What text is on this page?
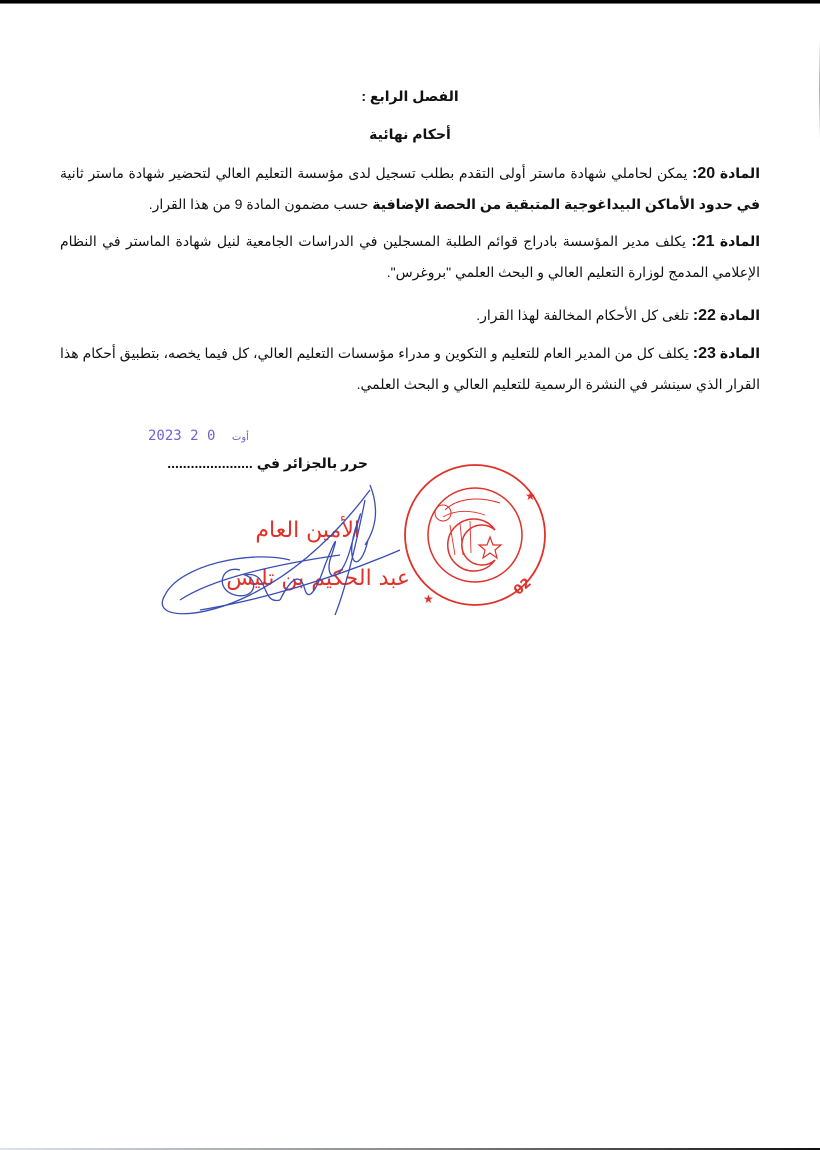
الفصل الرابع :
أحكام نهائية

المادة 20: يمكن لحاملي شهادة ماستر أولى التقدم بطلب تسجيل لدى مؤسسة التعليم العالي لتحضير شهادة ماستر ثانية في حدود الأماكن البيداغوجية المتبقية من الحصة الإضافية حسب مضمون المادة 9 من هذا القرار.

المادة 21: يكلف مدير المؤسسة بادراج قوائم الطلبة المسجلين في الدراسات الجامعية لنيل شهادة الماستر في النظام الإعلامي المدمج لوزارة التعليم العالي و البحث العلمي "بروغرس".

المادة 22: تلغى كل الأحكام المخالفة لهذا القرار.

المادة 23: يكلف كل من المدير العام للتعليم و التكوين و مدراء مؤسسات التعليم العالي، كل فيما يخصه، بتطبيق أحكام هذا القرار الذي سينشر في النشرة الرسمية للتعليم العالي و البحث العلمي.

2023	أوت 0 2
حرر بالجزائر في ......................
الأمين العام
عبد الحكيم بن تليس
★
★
02
